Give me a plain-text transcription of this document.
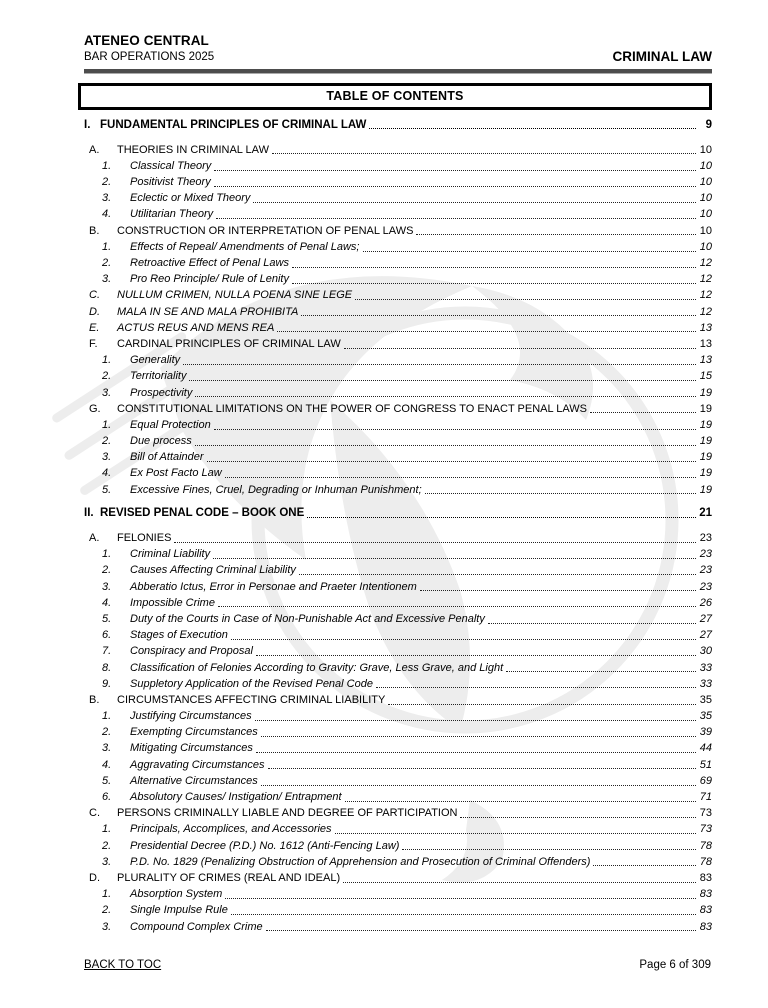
ATENEO CENTRAL
BAR OPERATIONS 2025	CRIMINAL LAW
TABLE OF CONTENTS
I. FUNDAMENTAL PRINCIPLES OF CRIMINAL LAW	9
A.	THEORIES IN CRIMINAL LAW	10
1.	Classical Theory	10
2.	Positivist Theory	10
3.	Eclectic or Mixed Theory	10
4.	Utilitarian Theory	10
B.	CONSTRUCTION OR INTERPRETATION OF PENAL LAWS	10
1.	Effects of Repeal/ Amendments of Penal Laws;	10
2.	Retroactive Effect of Penal Laws	12
3.	Pro Reo Principle/ Rule of Lenity	12
C.	NULLUM CRIMEN, NULLA POENA SINE LEGE	12
D.	MALA IN SE AND MALA PROHIBITA	12
E.	ACTUS REUS AND MENS REA	13
F.	CARDINAL PRINCIPLES OF CRIMINAL LAW	13
1.	Generality	13
2.	Territoriality	15
3.	Prospectivity	19
G.	CONSTITUTIONAL LIMITATIONS ON THE POWER OF CONGRESS TO ENACT PENAL LAWS	19
1.	Equal Protection	19
2.	Due process	19
3.	Bill of Attainder	19
4.	Ex Post Facto Law	19
5.	Excessive Fines, Cruel, Degrading or Inhuman Punishment;	19
II. REVISED PENAL CODE – BOOK ONE	21
A.	FELONIES	23
1.	Criminal Liability	23
2.	Causes Affecting Criminal Liability	23
3.	Abberatio Ictus, Error in Personae and Praeter Intentionem	23
4.	Impossible Crime	26
5.	Duty of the Courts in Case of Non-Punishable Act and Excessive Penalty	27
6.	Stages of Execution	27
7.	Conspiracy and Proposal	30
8.	Classification of Felonies According to Gravity: Grave, Less Grave, and Light	33
9.	Suppletory Application of the Revised Penal Code	33
B.	CIRCUMSTANCES AFFECTING CRIMINAL LIABILITY	35
1.	Justifying Circumstances	35
2.	Exempting Circumstances	39
3.	Mitigating Circumstances	44
4.	Aggravating Circumstances	51
5.	Alternative Circumstances	69
6.	Absolutory Causes/ Instigation/ Entrapment	71
C.	PERSONS CRIMINALLY LIABLE AND DEGREE OF PARTICIPATION	73
1.	Principals, Accomplices, and Accessories	73
2.	Presidential Decree (P.D.) No. 1612 (Anti-Fencing Law)	78
3.	P.D. No. 1829 (Penalizing Obstruction of Apprehension and Prosecution of Criminal Offenders)	78
D.	PLURALITY OF CRIMES (REAL AND IDEAL)	83
1.	Absorption System	83
2.	Single Impulse Rule	83
3.	Compound Complex Crime	83
BACK TO TOC	Page 6 of 309
